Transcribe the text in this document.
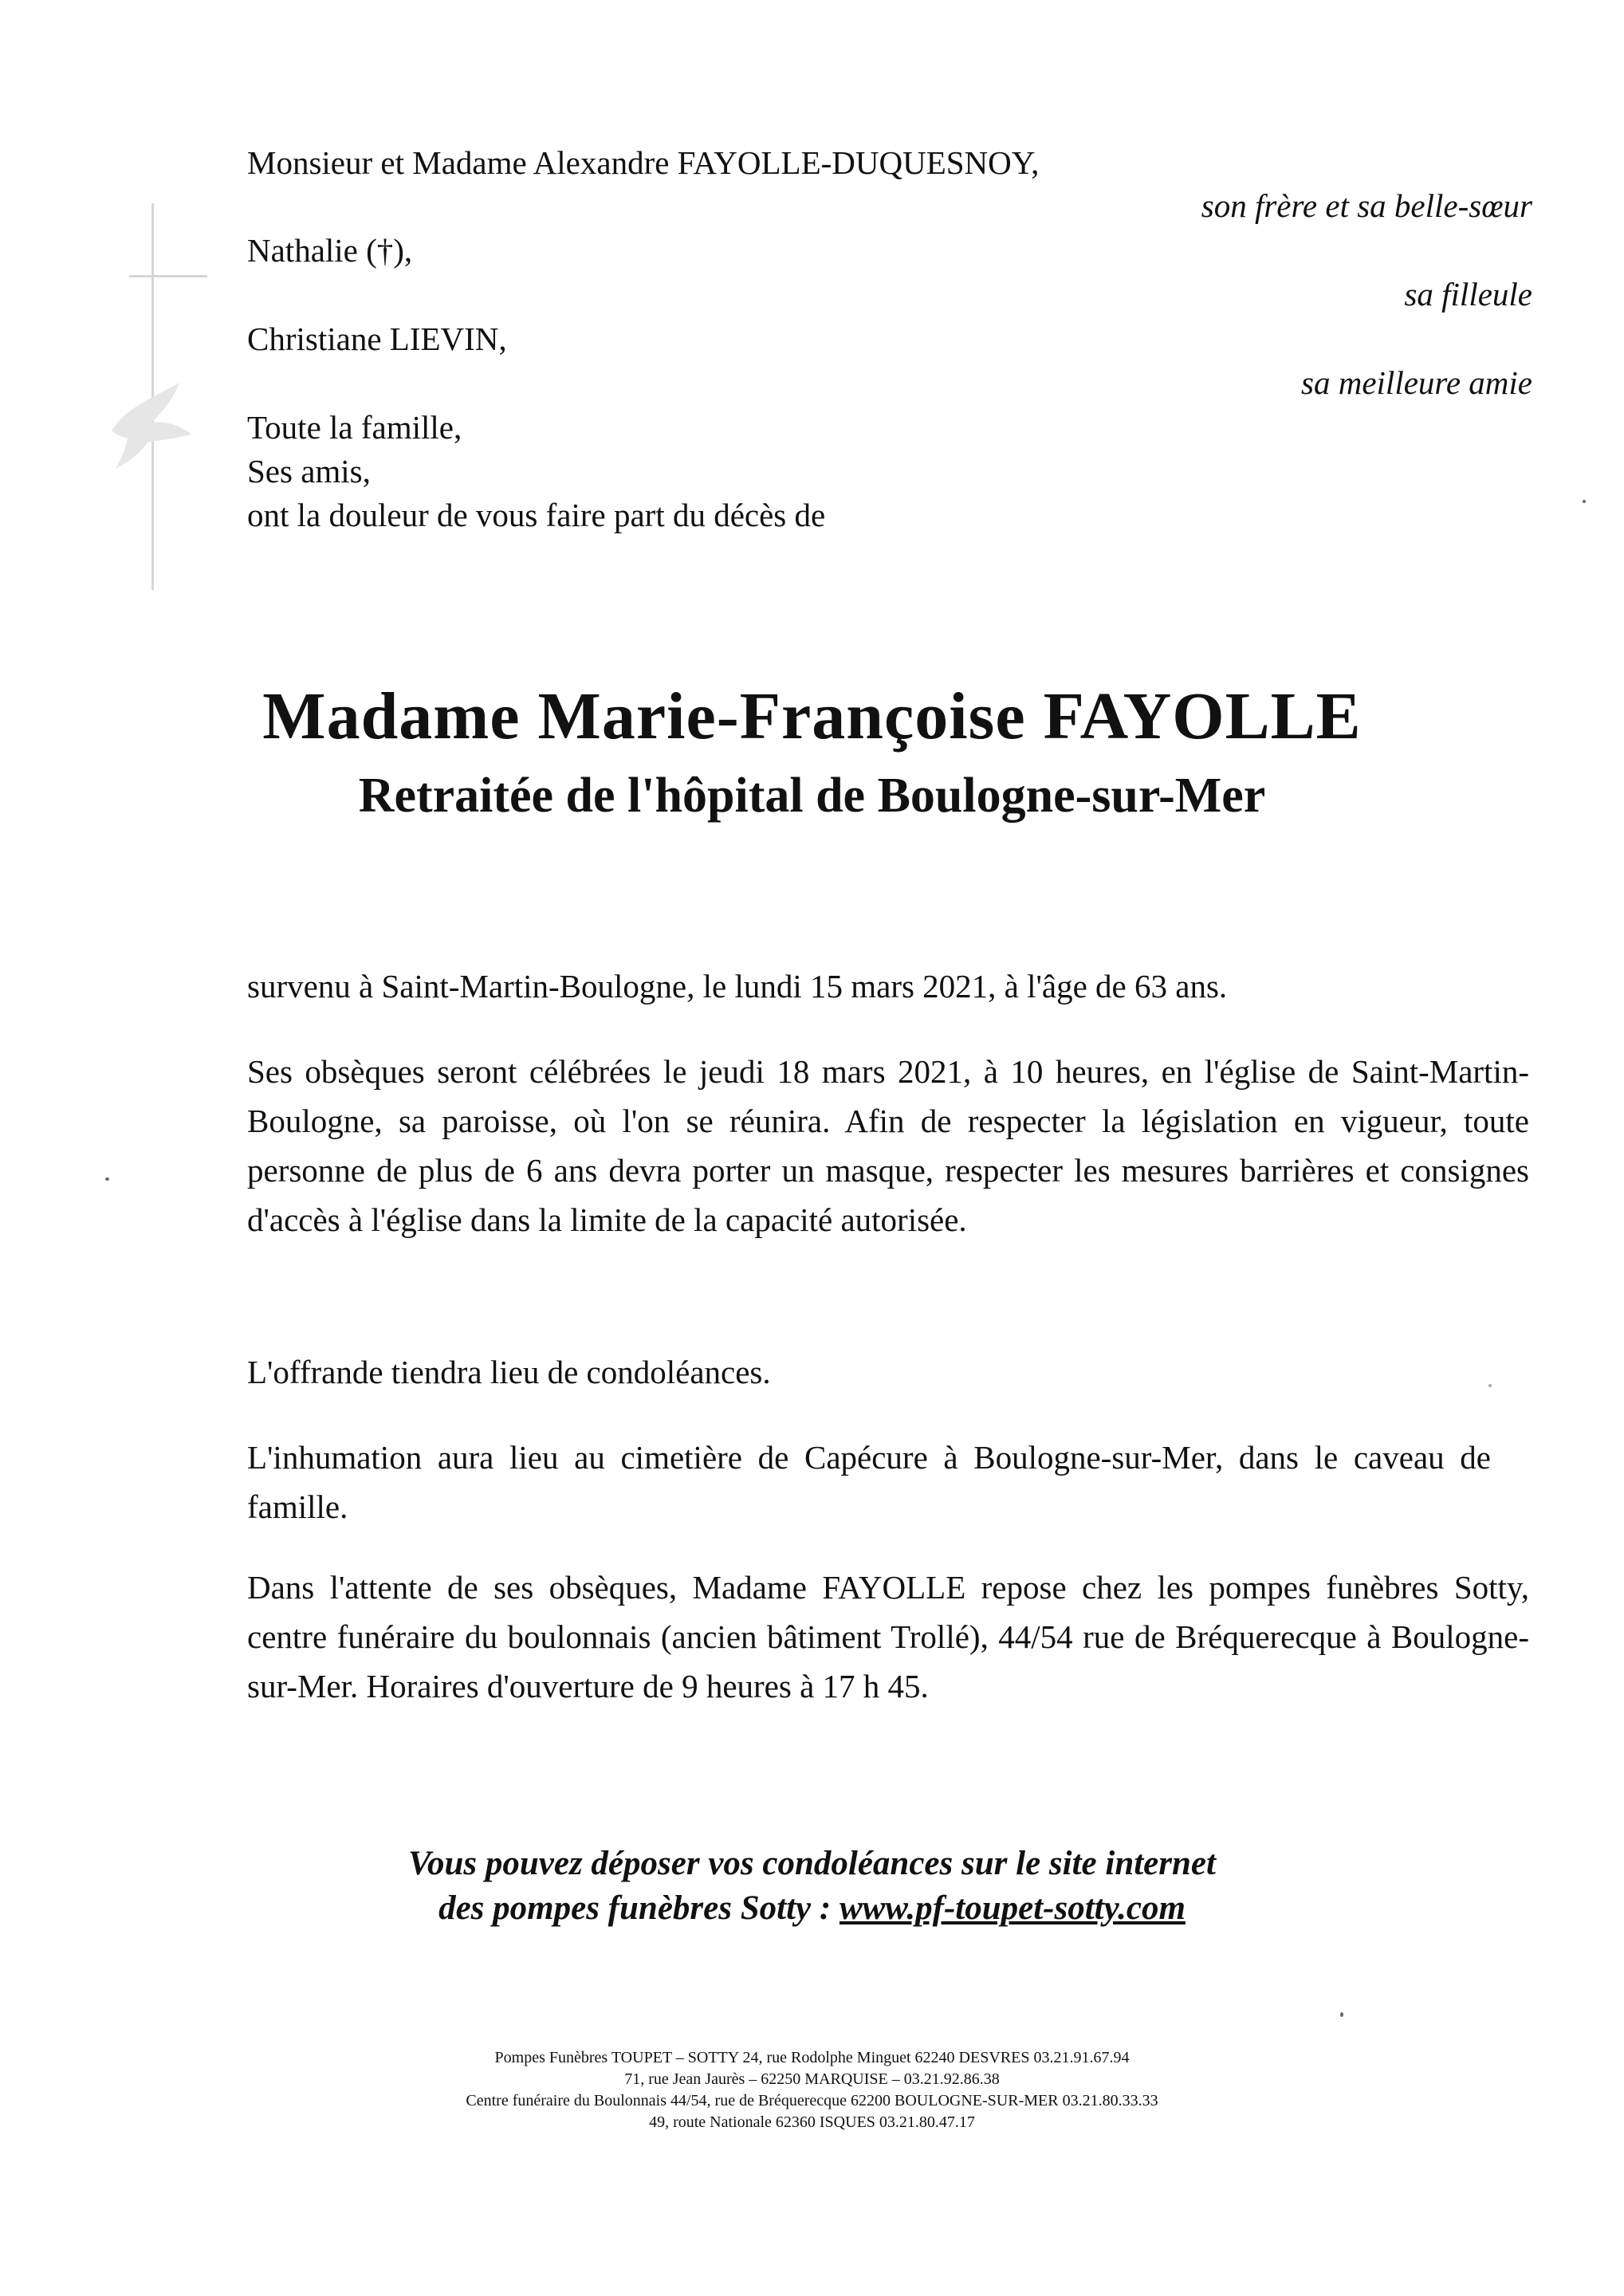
Monsieur et Madame Alexandre FAYOLLE-DUQUESNOY,
son frère et sa belle-sœur
Nathalie (†),
sa filleule
Christiane LIEVIN,
sa meilleure amie
Toute la famille,
Ses amis,
ont la douleur de vous faire part du décès de
Madame Marie-Françoise FAYOLLE
Retraitée de l'hôpital de Boulogne-sur-Mer
survenu à Saint-Martin-Boulogne, le lundi 15 mars 2021, à l'âge de 63 ans.
Ses obsèques seront célébrées le jeudi 18 mars 2021, à 10 heures, en l'église de Saint-Martin-Boulogne, sa paroisse, où l'on se réunira. Afin de respecter la législation en vigueur, toute personne de plus de 6 ans devra porter un masque, respecter les mesures barrières et consignes d'accès à l'église dans la limite de la capacité autorisée.
L'offrande tiendra lieu de condoléances.
L'inhumation aura lieu au cimetière de Capécure à Boulogne-sur-Mer, dans le caveau de famille.
Dans l'attente de ses obsèques, Madame FAYOLLE repose chez les pompes funèbres Sotty, centre funéraire du boulonnais (ancien bâtiment Trollé), 44/54 rue de Bréquerecque à Boulogne-sur-Mer. Horaires d'ouverture de 9 heures à 17 h 45.
Vous pouvez déposer vos condoléances sur le site internet
des pompes funèbres Sotty : www.pf-toupet-sotty.com
Pompes Funèbres TOUPET – SOTTY 24, rue Rodolphe Minguet 62240 DESVRES 03.21.91.67.94
71, rue Jean Jaurès – 62250 MARQUISE – 03.21.92.86.38
Centre funéraire du Boulonnais 44/54, rue de Bréquerecque 62200 BOULOGNE-SUR-MER 03.21.80.33.33
49, route Nationale 62360 ISQUES 03.21.80.47.17
